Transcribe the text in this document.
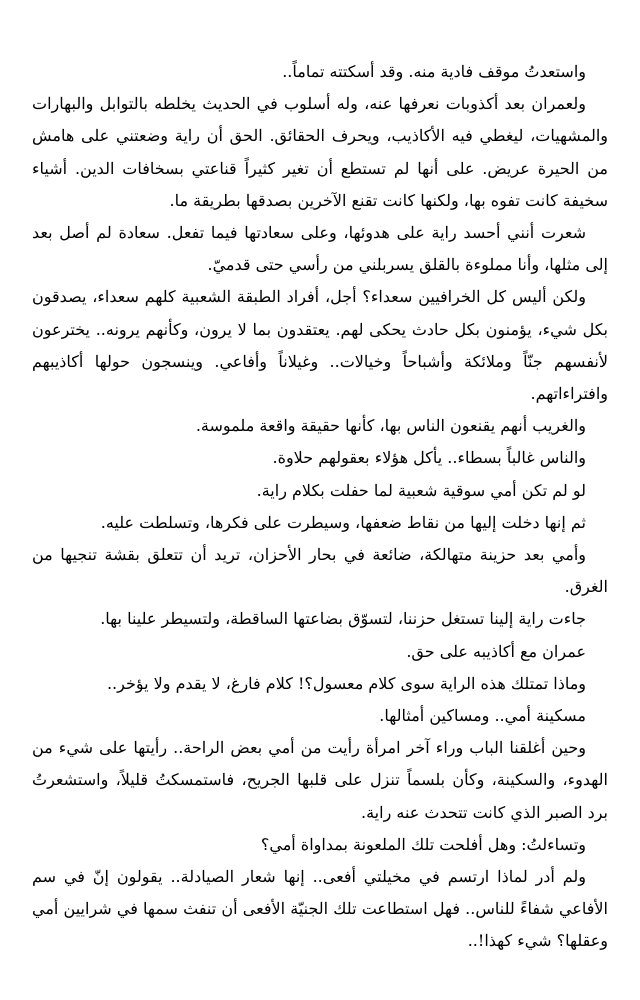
واستعدتُ موقف فادية منه. وقد أسكتته تماماً..

ولعمران بعد أكذوبات نعرفها عنه، وله أسلوب في الحديث يخلطه بالتوابل والبهارات والمشهيات، ليغطي فيه الأكاذيب، ويحرف الحقائق. الحق أن راية وضعتني على هامش من الحيرة عريض. على أنها لم تستطع أن تغير كثيراً قناعتي بسخافات الدين. أشياء سخيفة كانت تفوه بها، ولكنها كانت تقنع الآخرين بصدقها بطريقة ما.

شعرت أنني أحسد راية على هدوئها، وعلى سعادتها فيما تفعل. سعادة لم أصل بعد إلى مثلها، وأنا مملوءة بالقلق يسربلني من رأسي حتى قدميّ.

ولكن أليس كل الخرافيين سعداء؟ أجل، أفراد الطبقة الشعبية كلهم سعداء، يصدقون بكل شيء، يؤمنون بكل حادث يحكى لهم. يعتقدون بما لا يرون، وكأنهم يرونه.. يخترعون لأنفسهم جنّاً وملائكة وأشباحاً وخيالات.. وغيلاناً وأفاعي. وينسجون حولها أكاذيبهم وافتراءاتهم.

والغريب أنهم يقنعون الناس بها، كأنها حقيقة واقعة ملموسة.

والناس غالباً بسطاء.. يأكل هؤلاء بعقولهم حلاوة.

لو لم تكن أمي سوقية شعبية لما حفلت بكلام راية.

ثم إنها دخلت إليها من نقاط ضعفها، وسيطرت على فكرها، وتسلطت عليه.

وأمي بعد حزينة متهالكة، ضائعة في بحار الأحزان، تريد أن تتعلق بقشة تنجيها من الغرق.

جاءت راية إلينا تستغل حزننا، لتسوّق بضاعتها الساقطة، ولتسيطر علينا بها.

عمران مع أكاذيبه على حق.

وماذا تمتلك هذه الراية سوى كلام معسول؟! كلام فارغ، لا يقدم ولا يؤخر..

مسكينة أمي.. ومساكين أمثالها.

وحين أغلقنا الباب وراء آخر امرأة رأيت من أمي بعض الراحة.. رأيتها على شيء من الهدوء، والسكينة، وكأن بلسماً تنزل على قلبها الجريح، فاستمسكتُ قليلاً، واستشعرتُ برد الصبر الذي كانت تتحدث عنه راية.

وتساءلتُ: وهل أفلحت تلك الملعونة بمداواة أمي؟

ولم أدر لماذا ارتسم في مخيلتي أفعى.. إنها شعار الصيادلة.. يقولون إنّ في سم الأفاعي شفاءً للناس.. فهل استطاعت تلك الجنيّة الأفعى أن تنفث سمها في شرايين أمي وعقلها؟ شيء كهذا!..
